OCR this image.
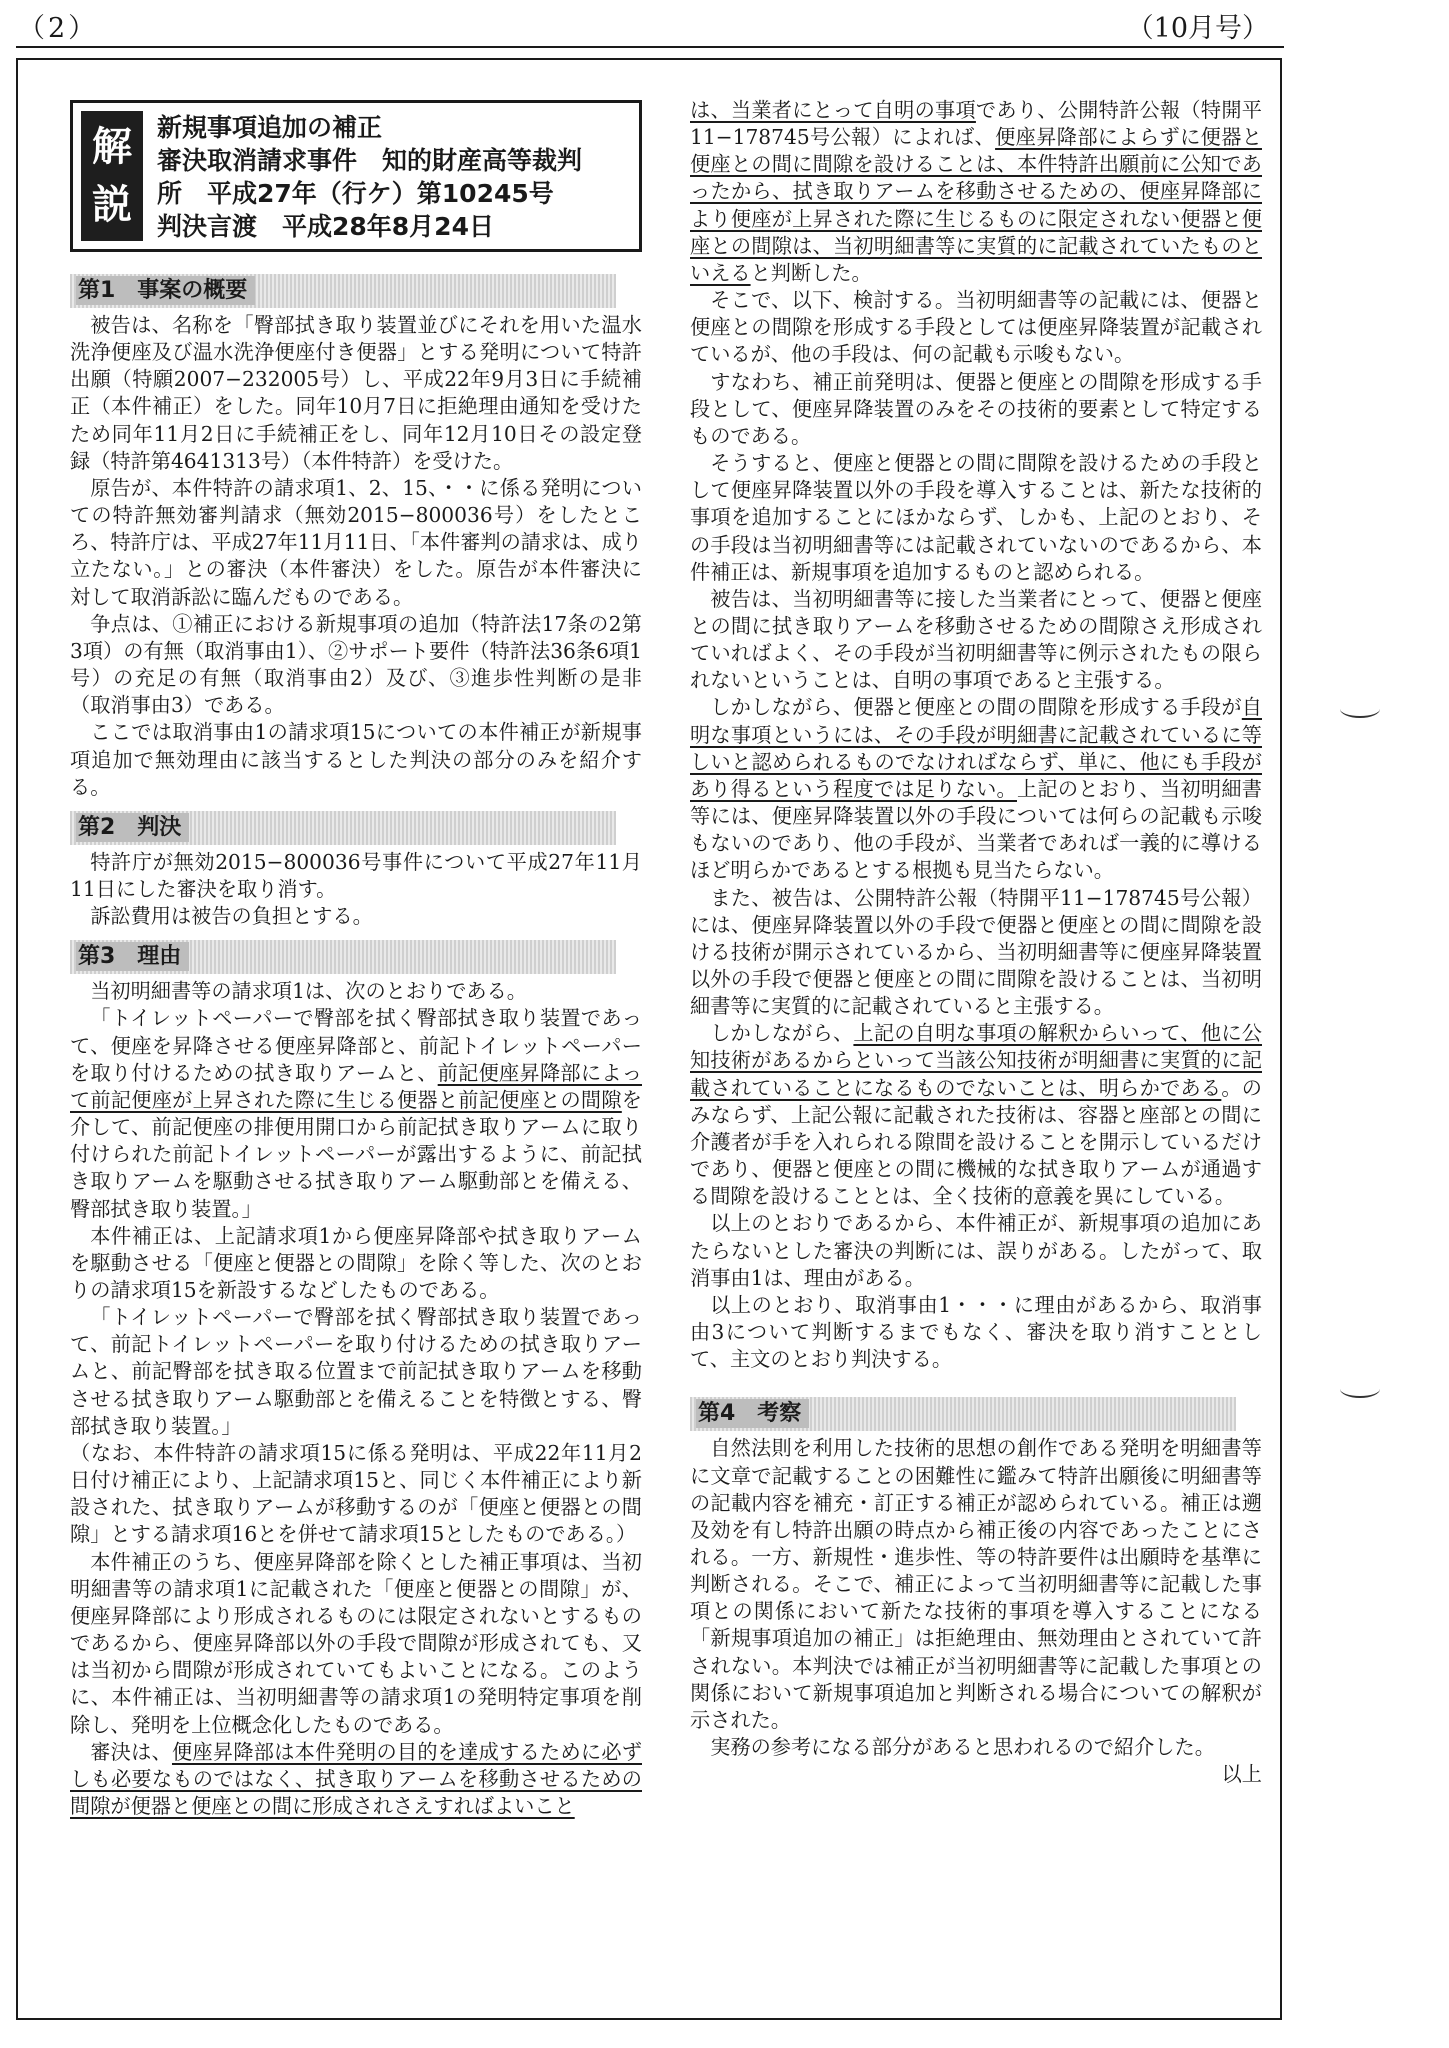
（2）	（10月号）
解
説
新規事項追加の補正
審決取消請求事件　知的財産高等裁判
所　平成27年（行ケ）第10245号
判決言渡　平成28年8月24日
第1　事案の概要

被告は、名称を「臀部拭き取り装置並びにそれを用いた温水洗浄便座及び温水洗浄便座付き便器」とする発明について特許出願（特願2007−232005号）し、平成22年9月3日に手続補正（本件補正）をした。同年10月7日に拒絶理由通知を受けたため同年11月2日に手続補正をし、同年12月10日その設定登録（特許第4641313号）（本件特許）を受けた。

原告が、本件特許の請求項1、2、15、・・に係る発明についての特許無効審判請求（無効2015−800036号）をしたところ、特許庁は、平成27年11月11日、「本件審判の請求は、成り立たない。」との審決（本件審決）をした。原告が本件審決に対して取消訴訟に臨んだものである。

争点は、①補正における新規事項の追加（特許法17条の2第3項）の有無（取消事由1）、②サポート要件（特許法36条6項1号）の充足の有無（取消事由2）及び、③進歩性判断の是非（取消事由3）である。

ここでは取消事由1の請求項15についての本件補正が新規事項追加で無効理由に該当するとした判決の部分のみを紹介する。

第2　判決

特許庁が無効2015−800036号事件について平成27年11月11日にした審決を取り消す。

訴訟費用は被告の負担とする。

第3　理由

当初明細書等の請求項1は、次のとおりである。

「トイレットペーパーで臀部を拭く臀部拭き取り装置であって、便座を昇降させる便座昇降部と、前記トイレットペーパーを取り付けるための拭き取りアームと、前記便座昇降部によって前記便座が上昇された際に生じる便器と前記便座との間隙を介して、前記便座の排便用開口から前記拭き取りアームに取り付けられた前記トイレットペーパーが露出するように、前記拭き取りアームを駆動させる拭き取りアーム駆動部とを備える、臀部拭き取り装置。」

本件補正は、上記請求項1から便座昇降部や拭き取りアームを駆動させる「便座と便器との間隙」を除く等した、次のとおりの請求項15を新設するなどしたものである。

「トイレットペーパーで臀部を拭く臀部拭き取り装置であって、前記トイレットペーパーを取り付けるための拭き取りアームと、前記臀部を拭き取る位置まで前記拭き取りアームを移動させる拭き取りアーム駆動部とを備えることを特徴とする、臀部拭き取り装置。」

（なお、本件特許の請求項15に係る発明は、平成22年11月2日付け補正により、上記請求項15と、同じく本件補正により新設された、拭き取りアームが移動するのが「便座と便器との間隙」とする請求項16とを併せて請求項15としたものである。）

本件補正のうち、便座昇降部を除くとした補正事項は、当初明細書等の請求項1に記載された「便座と便器との間隙」が、便座昇降部により形成されるものには限定されないとするものであるから、便座昇降部以外の手段で間隙が形成されても、又は当初から間隙が形成されていてもよいことになる。このように、本件補正は、当初明細書等の請求項1の発明特定事項を削除し、発明を上位概念化したものである。

審決は、便座昇降部は本件発明の目的を達成するために必ずしも必要なものではなく、拭き取りアームを移動させるための間隙が便器と便座との間に形成されさえすればよいこと

は、当業者にとって自明の事項であり、公開特許公報（特開平11−178745号公報）によれば、便座昇降部によらずに便器と便座との間に間隙を設けることは、本件特許出願前に公知であったから、拭き取りアームを移動させるための、便座昇降部により便座が上昇された際に生じるものに限定されない便器と便座との間隙は、当初明細書等に実質的に記載されていたものといえると判断した。

そこで、以下、検討する。当初明細書等の記載には、便器と便座との間隙を形成する手段としては便座昇降装置が記載されているが、他の手段は、何の記載も示唆もない。

すなわち、補正前発明は、便器と便座との間隙を形成する手段として、便座昇降装置のみをその技術的要素として特定するものである。

そうすると、便座と便器との間に間隙を設けるための手段として便座昇降装置以外の手段を導入することは、新たな技術的事項を追加することにほかならず、しかも、上記のとおり、その手段は当初明細書等には記載されていないのであるから、本件補正は、新規事項を追加するものと認められる。

被告は、当初明細書等に接した当業者にとって、便器と便座との間に拭き取りアームを移動させるための間隙さえ形成されていればよく、その手段が当初明細書等に例示されたもの限られないということは、自明の事項であると主張する。

しかしながら、便器と便座との間の間隙を形成する手段が自明な事項というには、その手段が明細書に記載されているに等しいと認められるものでなければならず、単に、他にも手段があり得るという程度では足りない。上記のとおり、当初明細書等には、便座昇降装置以外の手段については何らの記載も示唆もないのであり、他の手段が、当業者であれば一義的に導けるほど明らかであるとする根拠も見当たらない。

また、被告は、公開特許公報（特開平11−178745号公報）には、便座昇降装置以外の手段で便器と便座との間に間隙を設ける技術が開示されているから、当初明細書等に便座昇降装置以外の手段で便器と便座との間に間隙を設けることは、当初明細書等に実質的に記載されていると主張する。

しかしながら、上記の自明な事項の解釈からいって、他に公知技術があるからといって当該公知技術が明細書に実質的に記載されていることになるものでないことは、明らかである。のみならず、上記公報に記載された技術は、容器と座部との間に介護者が手を入れられる隙間を設けることを開示しているだけであり、便器と便座との間に機械的な拭き取りアームが通過する間隙を設けることとは、全く技術的意義を異にしている。

以上のとおりであるから、本件補正が、新規事項の追加にあたらないとした審決の判断には、誤りがある。したがって、取消事由1は、理由がある。

以上のとおり、取消事由1・・・に理由があるから、取消事由3について判断するまでもなく、審決を取り消すこととして、主文のとおり判決する。

第4　考察

自然法則を利用した技術的思想の創作である発明を明細書等に文章で記載することの困難性に鑑みて特許出願後に明細書等の記載内容を補充・訂正する補正が認められている。補正は遡及効を有し特許出願の時点から補正後の内容であったことにされる。一方、新規性・進歩性、等の特許要件は出願時を基準に判断される。そこで、補正によって当初明細書等に記載した事項との関係において新たな技術的事項を導入することになる「新規事項追加の補正」は拒絶理由、無効理由とされていて許されない。本判決では補正が当初明細書等に記載した事項との関係において新規事項追加と判断される場合についての解釈が示された。

実務の参考になる部分があると思われるので紹介した。

以上
